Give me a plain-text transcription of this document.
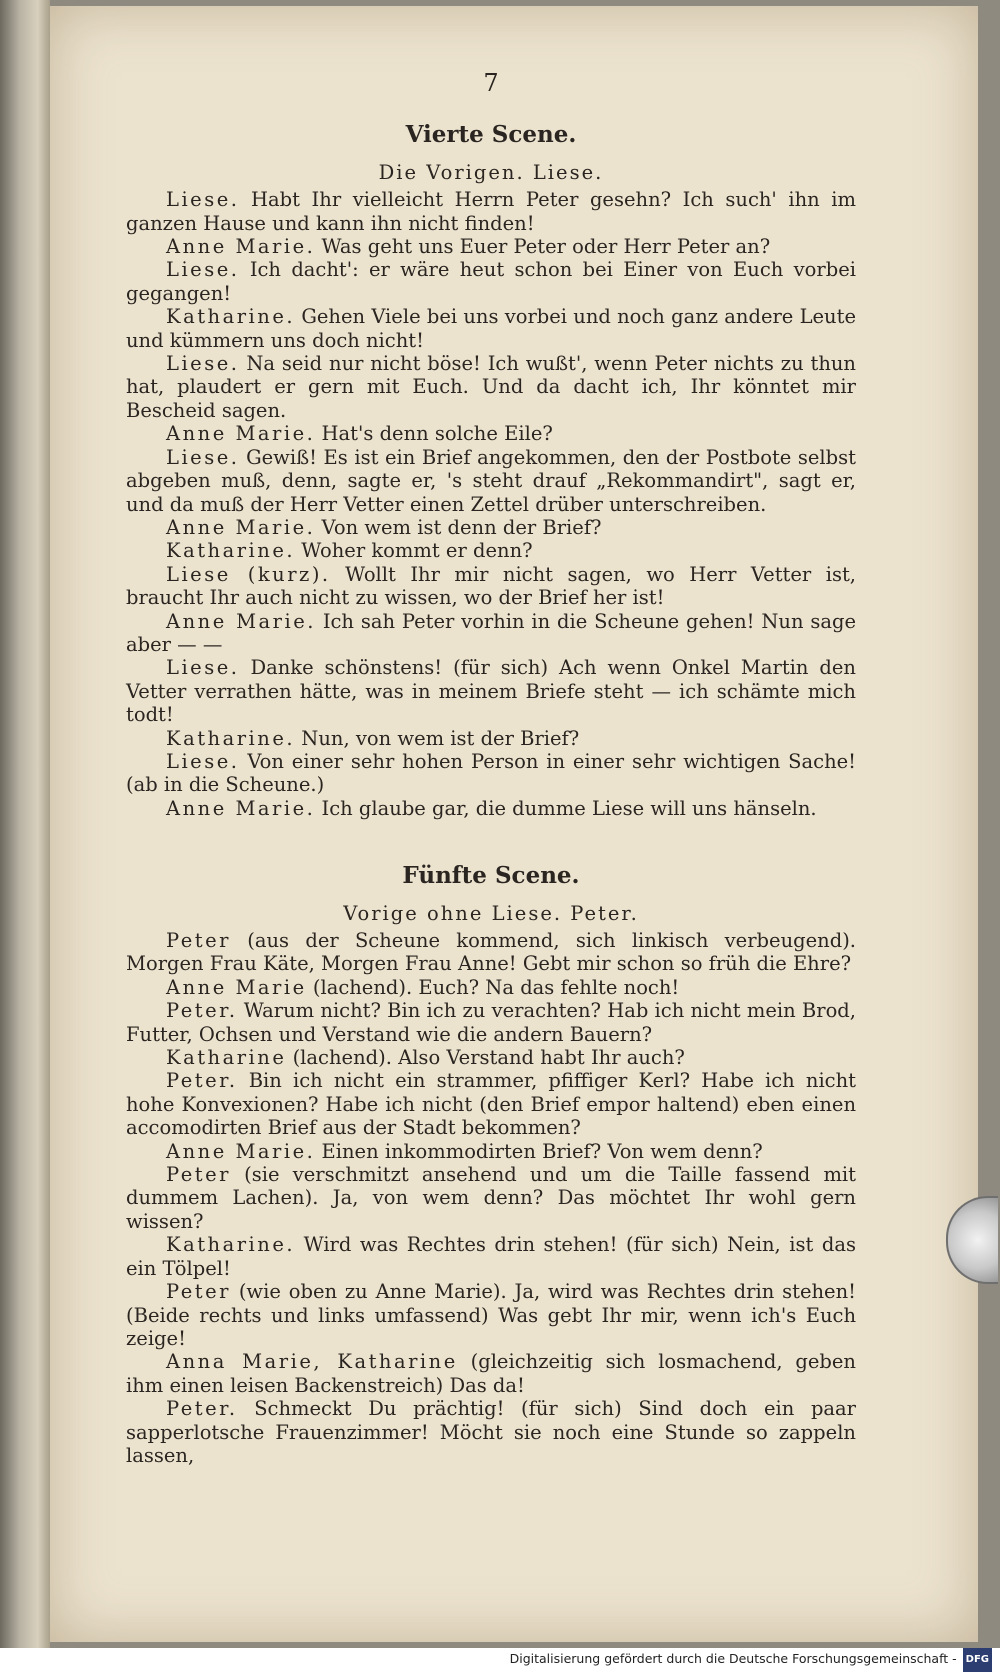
7
Vierte Scene.
Die Vorigen. Liese.

Liese. Habt Ihr vielleicht Herrn Peter gesehn? Ich such' ihn im ganzen Hause und kann ihn nicht finden!

Anne Marie. Was geht uns Euer Peter oder Herr Peter an?

Liese. Ich dacht': er wäre heut schon bei Einer von Euch vorbei gegangen!

Katharine. Gehen Viele bei uns vorbei und noch ganz andere Leute und kümmern uns doch nicht!

Liese. Na seid nur nicht böse! Ich wußt', wenn Peter nichts zu thun hat, plaudert er gern mit Euch. Und da dacht ich, Ihr könntet mir Bescheid sagen.

Anne Marie. Hat's denn solche Eile?

Liese. Gewiß! Es ist ein Brief angekommen, den der Postbote selbst abgeben muß, denn, sagte er, 's steht drauf „Rekommandirt", sagt er, und da muß der Herr Vetter einen Zettel drüber unterschreiben.

Anne Marie. Von wem ist denn der Brief?

Katharine. Woher kommt er denn?

Liese (kurz). Wollt Ihr mir nicht sagen, wo Herr Vetter ist, braucht Ihr auch nicht zu wissen, wo der Brief her ist!

Anne Marie. Ich sah Peter vorhin in die Scheune gehen! Nun sage aber — —

Liese. Danke schönstens! (für sich) Ach wenn Onkel Martin den Vetter verrathen hätte, was in meinem Briefe steht — ich schämte mich todt!

Katharine. Nun, von wem ist der Brief?

Liese. Von einer sehr hohen Person in einer sehr wichtigen Sache! (ab in die Scheune.)

Anne Marie. Ich glaube gar, die dumme Liese will uns hänseln.

Fünfte Scene.
Vorige ohne Liese. Peter.

Peter (aus der Scheune kommend, sich linkisch verbeugend). Morgen Frau Käte, Morgen Frau Anne! Gebt mir schon so früh die Ehre?

Anne Marie (lachend). Euch? Na das fehlte noch!

Peter. Warum nicht? Bin ich zu verachten? Hab ich nicht mein Brod, Futter, Ochsen und Verstand wie die andern Bauern?

Katharine (lachend). Also Verstand habt Ihr auch?

Peter. Bin ich nicht ein strammer, pfiffiger Kerl? Habe ich nicht hohe Konvexionen? Habe ich nicht (den Brief empor haltend) eben einen accomodirten Brief aus der Stadt bekommen?

Anne Marie. Einen inkommodirten Brief? Von wem denn?

Peter (sie verschmitzt ansehend und um die Taille fassend mit dummem Lachen). Ja, von wem denn? Das möchtet Ihr wohl gern wissen?

Katharine. Wird was Rechtes drin stehen! (für sich) Nein, ist das ein Tölpel!

Peter (wie oben zu Anne Marie). Ja, wird was Rechtes drin stehen! (Beide rechts und links umfassend) Was gebt Ihr mir, wenn ich's Euch zeige!

Anna Marie, Katharine (gleichzeitig sich losmachend, geben ihm einen leisen Backenstreich) Das da!

Peter. Schmeckt Du prächtig! (für sich) Sind doch ein paar sapperlotsche Frauenzimmer! Möcht sie noch eine Stunde so zappeln lassen,

Digitalisierung gefördert durch die Deutsche Forschungsgemeinschaft - DFG
